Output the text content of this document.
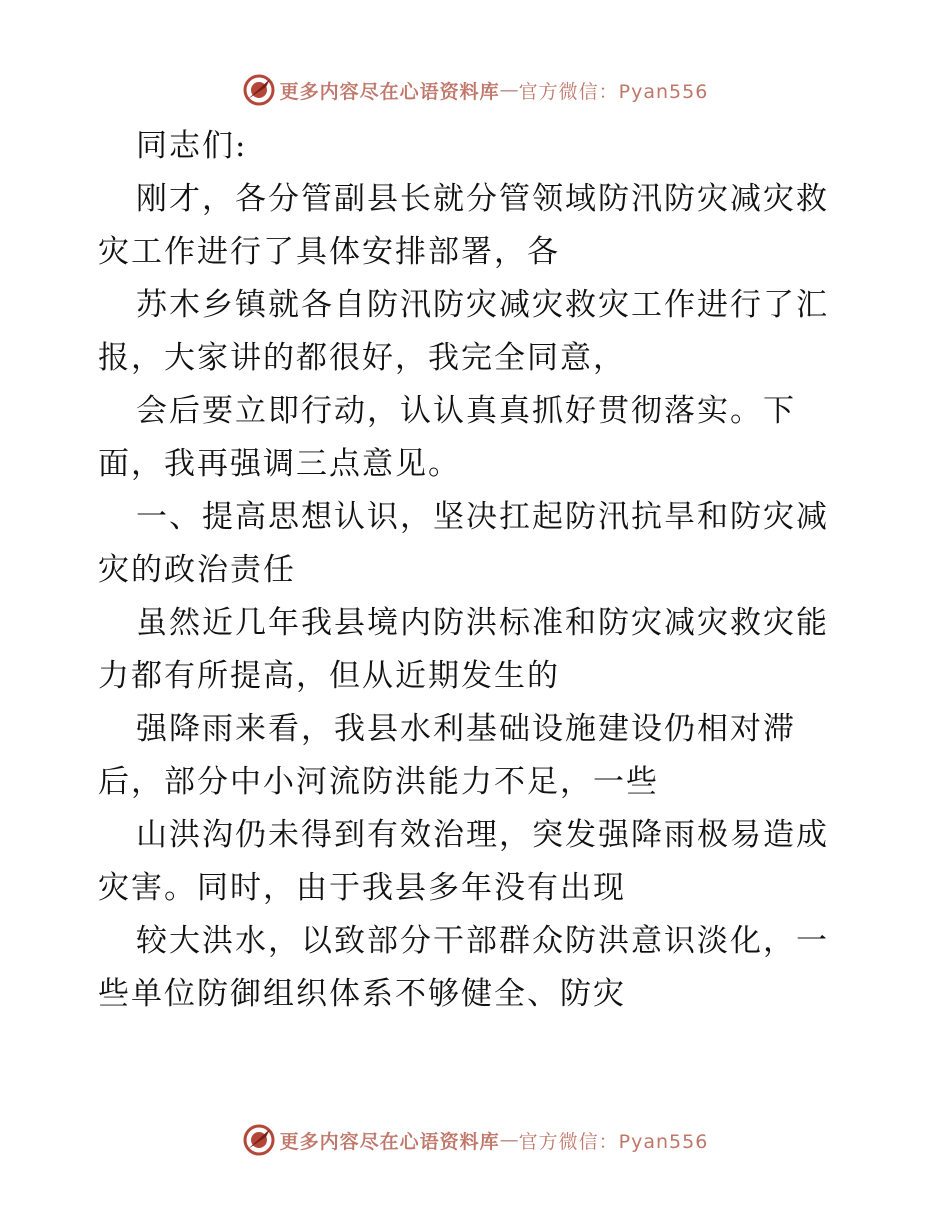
更多内容尽在心语资料库 — 官方微信：Pyan556
同志们:
刚才，各分管副县长就分管领域防汛防灾减灾救
灾工作进行了具体安排部署，各
苏木乡镇就各自防汛防灾减灾救灾工作进行了汇
报，大家讲的都很好，我完全同意，
会后要立即行动，认认真真抓好贯彻落实。下
面，我再强调三点意见。
一、提高思想认识，坚决扛起防汛抗旱和防灾减
灾的政治责任
虽然近几年我县境内防洪标准和防灾减灾救灾能
力都有所提高，但从近期发生的
强降雨来看，我县水利基础设施建设仍相对滞
后，部分中小河流防洪能力不足，一些
山洪沟仍未得到有效治理，突发强降雨极易造成
灾害。同时，由于我县多年没有出现
较大洪水，以致部分干部群众防洪意识淡化，一
些单位防御组织体系不够健全、防灾
更多内容尽在心语资料库 — 官方微信：Pyan556
